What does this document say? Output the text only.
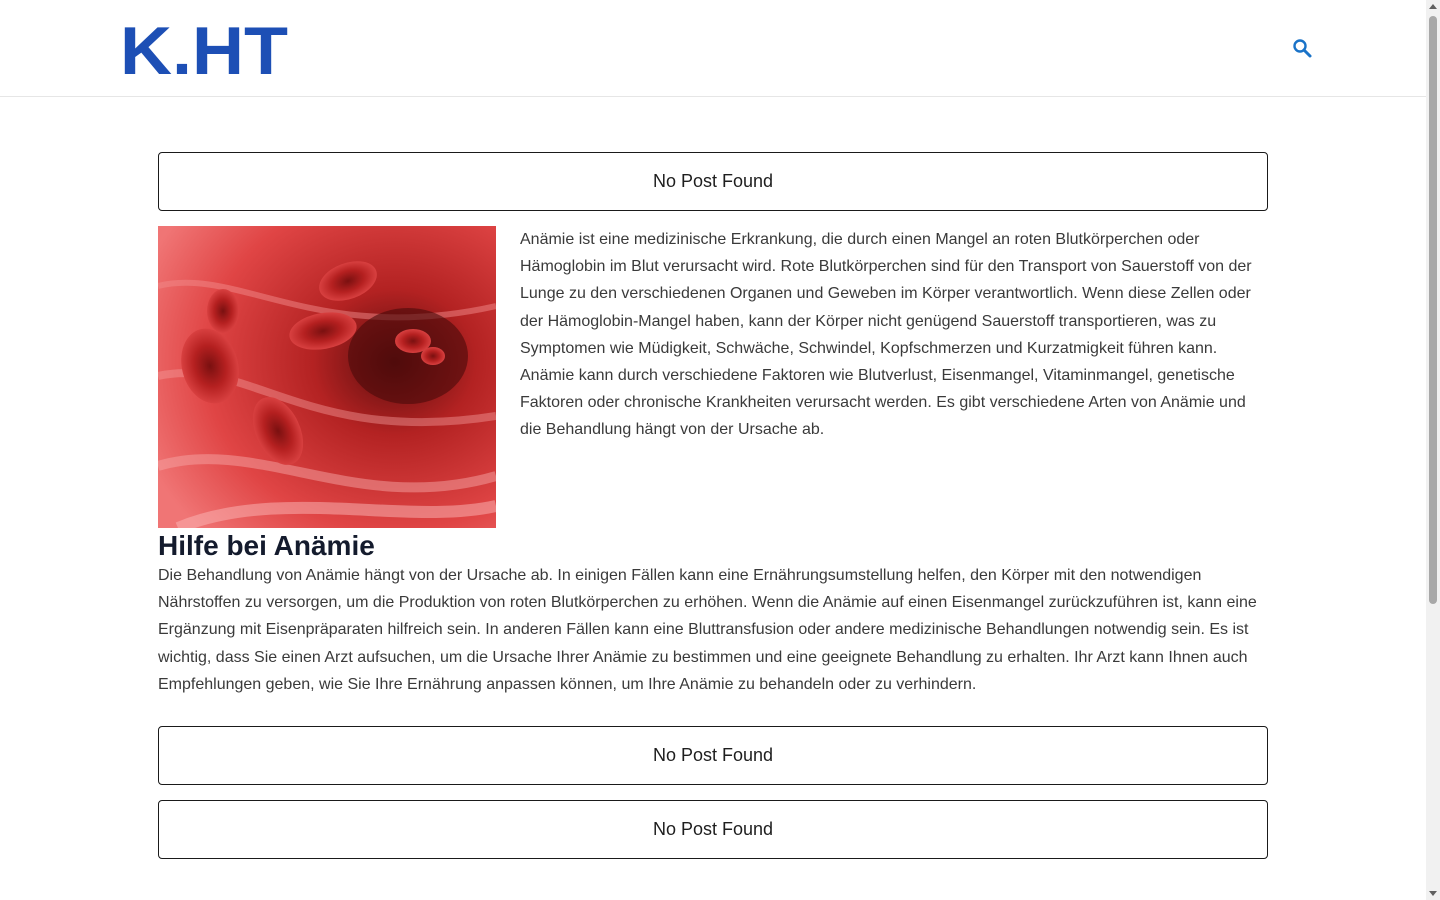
K.HT
No Post Found

Anämie ist eine medizinische Erkrankung, die durch einen Mangel an roten Blutkörperchen oder Hämoglobin im Blut verursacht wird. Rote Blutkörperchen sind für den Transport von Sauerstoff von der Lunge zu den verschiedenen Organen und Geweben im Körper verantwortlich. Wenn diese Zellen oder der Hämoglobin-Mangel haben, kann der Körper nicht genügend Sauerstoff transportieren, was zu Symptomen wie Müdigkeit, Schwäche, Schwindel, Kopfschmerzen und Kurzatmigkeit führen kann. Anämie kann durch verschiedene Faktoren wie Blutverlust, Eisenmangel, Vitaminmangel, genetische Faktoren oder chronische Krankheiten verursacht werden. Es gibt verschiedene Arten von Anämie und die Behandlung hängt von der Ursache ab.

Hilfe bei Anämie

Die Behandlung von Anämie hängt von der Ursache ab. In einigen Fällen kann eine Ernährungsumstellung helfen, den Körper mit den notwendigen Nährstoffen zu versorgen, um die Produktion von roten Blutkörperchen zu erhöhen. Wenn die Anämie auf einen Eisenmangel zurückzuführen ist, kann eine Ergänzung mit Eisenpräparaten hilfreich sein. In anderen Fällen kann eine Bluttransfusion oder andere medizinische Behandlungen notwendig sein. Es ist wichtig, dass Sie einen Arzt aufsuchen, um die Ursache Ihrer Anämie zu bestimmen und eine geeignete Behandlung zu erhalten. Ihr Arzt kann Ihnen auch Empfehlungen geben, wie Sie Ihre Ernährung anpassen können, um Ihre Anämie zu behandeln oder zu verhindern.

No Post Found
No Post Found
